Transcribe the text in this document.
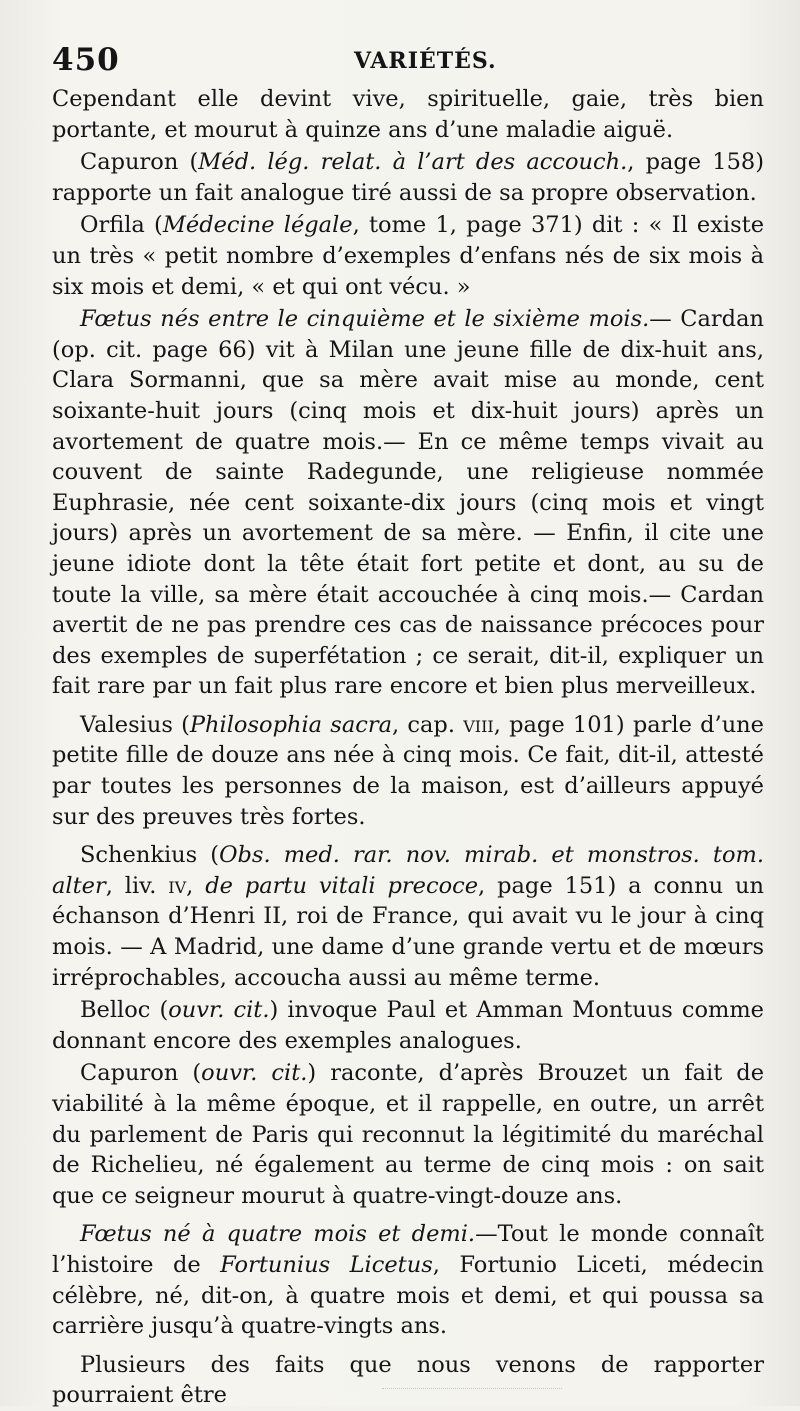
450	VARIÉTÉS.

Cependant elle devint vive, spirituelle, gaie, très bien portante, et mourut à quinze ans d’une maladie aiguë.

Capuron (Méd. lég. relat. à l’art des accouch., page 158) rapporte un fait analogue tiré aussi de sa propre observation.

Orfila (Médecine légale, tome 1, page 371) dit : « Il existe un très « petit nombre d’exemples d’enfans nés de six mois à six mois et demi, « et qui ont vécu. »

Fœtus nés entre le cinquième et le sixième mois.— Cardan (op. cit. page 66) vit à Milan une jeune fille de dix-huit ans, Clara Sormanni, que sa mère avait mise au monde, cent soixante-huit jours (cinq mois et dix-huit jours) après un avortement de quatre mois.— En ce même temps vivait au couvent de sainte Radegunde, une religieuse nommée Euphrasie, née cent soixante-dix jours (cinq mois et vingt jours) après un avortement de sa mère. — Enfin, il cite une jeune idiote dont la tête était fort petite et dont, au su de toute la ville, sa mère était accouchée à cinq mois.— Cardan avertit de ne pas prendre ces cas de naissance précoces pour des exemples de superfétation ; ce serait, dit-il, expliquer un fait rare par un fait plus rare encore et bien plus merveilleux.

Valesius (Philosophia sacra, cap. viii, page 101) parle d’une petite fille de douze ans née à cinq mois. Ce fait, dit-il, attesté par toutes les personnes de la maison, est d’ailleurs appuyé sur des preuves très fortes.

Schenkius (Obs. med. rar. nov. mirab. et monstros. tom. alter, liv. iv, de partu vitali precoce, page 151) a connu un échanson d’Henri II, roi de France, qui avait vu le jour à cinq mois. — A Madrid, une dame d’une grande vertu et de mœurs irréprochables, accoucha aussi au même terme.

Belloc (ouvr. cit.) invoque Paul et Amman Montuus comme donnant encore des exemples analogues.

Capuron (ouvr. cit.) raconte, d’après Brouzet un fait de viabilité à la même époque, et il rappelle, en outre, un arrêt du parlement de Paris qui reconnut la légitimité du maréchal de Richelieu, né également au terme de cinq mois : on sait que ce seigneur mourut à quatre-vingt-douze ans.

Fœtus né à quatre mois et demi.—Tout le monde connaît l’histoire de Fortunius Licetus, Fortunio Liceti, médecin célèbre, né, dit-on, à quatre mois et demi, et qui poussa sa carrière jusqu’à quatre-vingts ans.

Plusieurs des faits que nous venons de rapporter pourraient être
